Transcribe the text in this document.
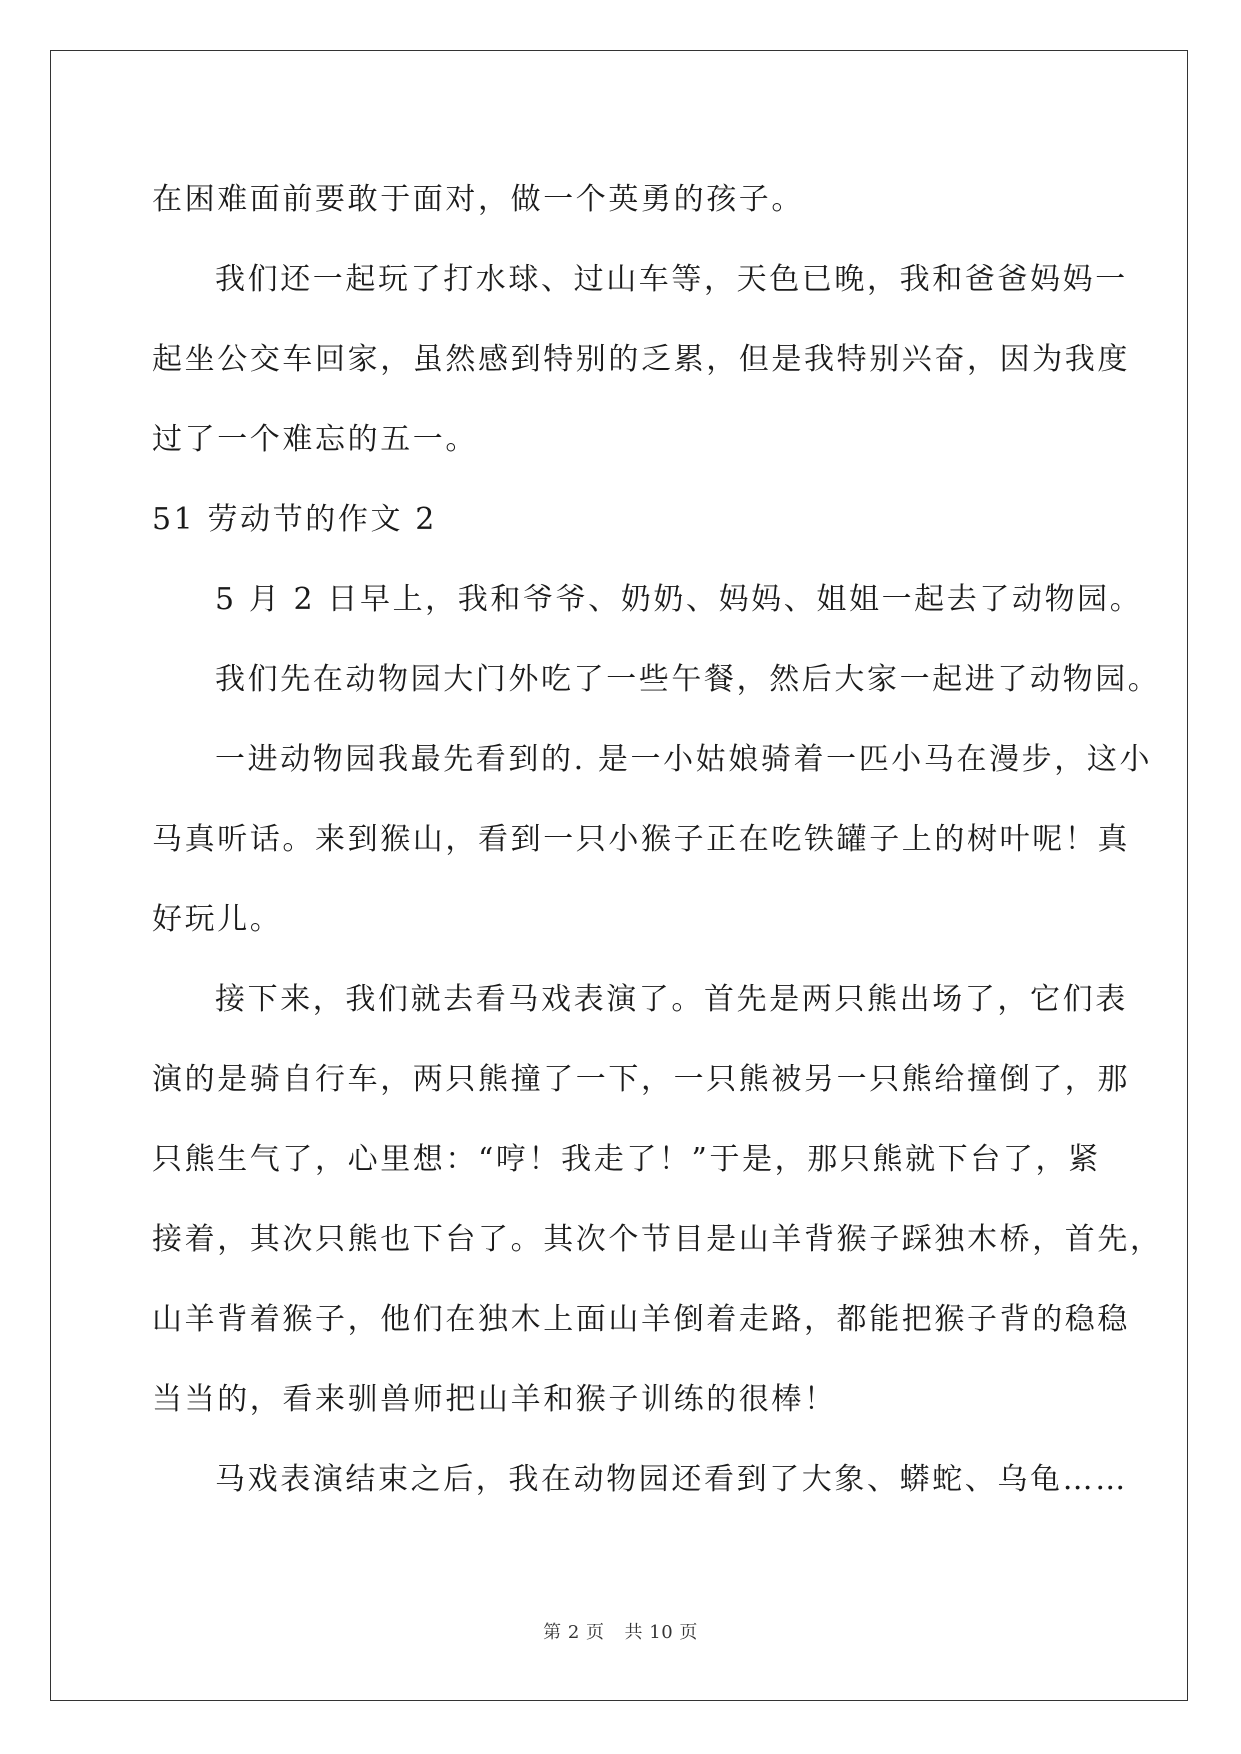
在困难面前要敢于面对，做一个英勇的孩子。
我们还一起玩了打水球、过山车等，天色已晚，我和爸爸妈妈一
起坐公交车回家，虽然感到特别的乏累，但是我特别兴奋，因为我度
过了一个难忘的五一。
51 劳动节的作文 2
5 月 2 日早上，我和爷爷、奶奶、妈妈、姐姐一起去了动物园。
我们先在动物园大门外吃了一些午餐，然后大家一起进了动物园。
一进动物园我最先看到的. 是一小姑娘骑着一匹小马在漫步，这小
马真听话。来到猴山，看到一只小猴子正在吃铁罐子上的树叶呢！真
好玩儿。
接下来，我们就去看马戏表演了。首先是两只熊出场了，它们表
演的是骑自行车，两只熊撞了一下，一只熊被另一只熊给撞倒了，那
只熊生气了，心里想：“哼！我走了！”于是，那只熊就下台了，紧
接着，其次只熊也下台了。其次个节目是山羊背猴子踩独木桥，首先，
山羊背着猴子，他们在独木上面山羊倒着走路，都能把猴子背的稳稳
当当的，看来驯兽师把山羊和猴子训练的很棒！
马戏表演结束之后，我在动物园还看到了大象、蟒蛇、乌龟……
第 2 页 共 10 页
